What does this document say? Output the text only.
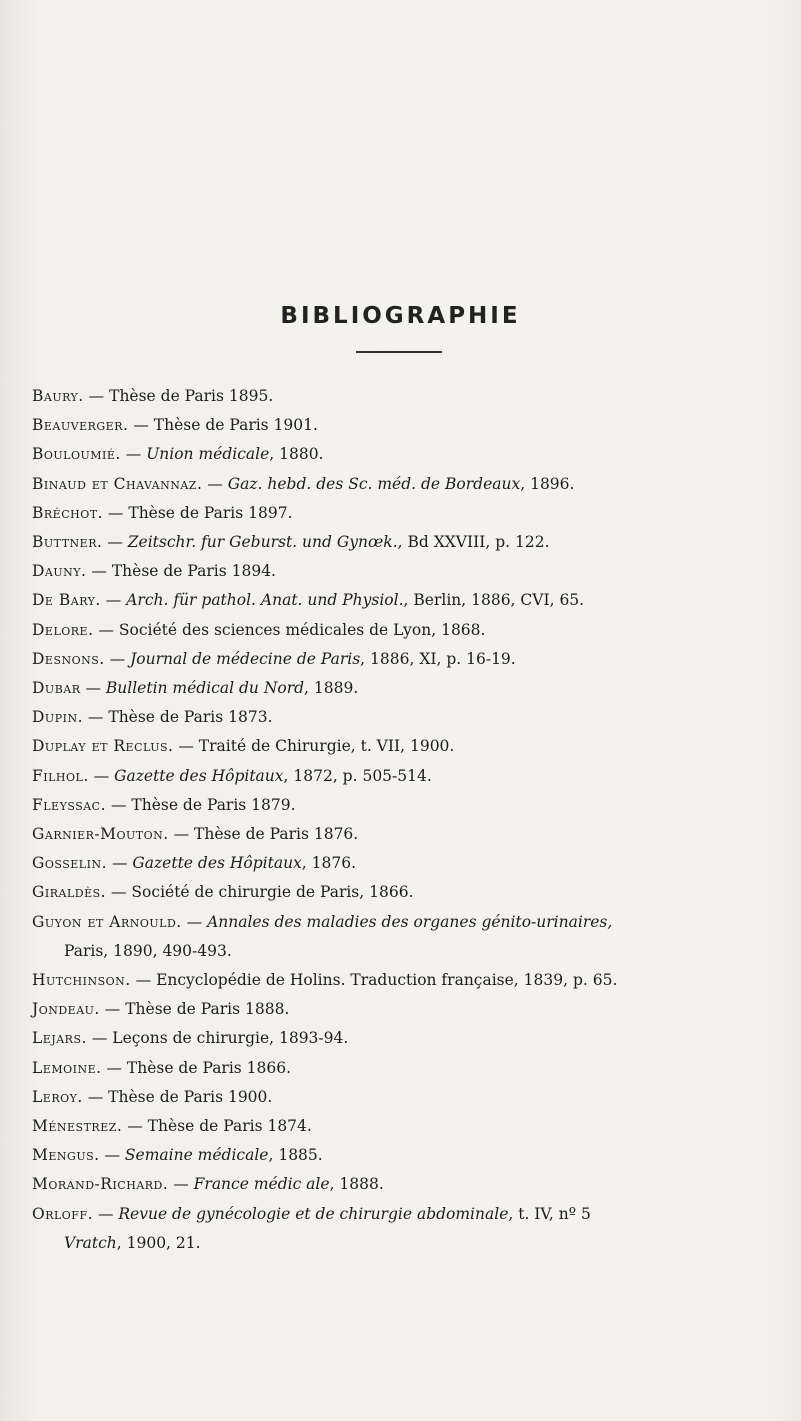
BIBLIOGRAPHIE
Baury. — Thèse de Paris 1895.
Beauverger. — Thèse de Paris 1901.
Bouloumié. — Union médicale, 1880.
Binaud et Chavannaz. — Gaz. hebd. des Sc. méd. de Bordeaux, 1896.
Bréchot. — Thèse de Paris 1897.
Buttner. — Zeitschr. fur Geburst. und Gynœk., Bd XXVIII, p. 122.
Dauny. — Thèse de Paris 1894.
De Bary. — Arch. für pathol. Anat. und Physiol., Berlin, 1886, CVI, 65.
Delore. — Société des sciences médicales de Lyon, 1868.
Desnons. — Journal de médecine de Paris, 1886, XI, p. 16-19.
Dubar — Bulletin médical du Nord, 1889.
Dupin. — Thèse de Paris 1873.
Duplay et Reclus. — Traité de Chirurgie, t. VII, 1900.
Filhol. — Gazette des Hôpitaux, 1872, p. 505-514.
Fleyssac. — Thèse de Paris 1879.
Garnier-Mouton. — Thèse de Paris 1876.
Gosselin. — Gazette des Hôpitaux, 1876.
Giraldès. — Société de chirurgie de Paris, 1866.
Guyon et Arnould. — Annales des maladies des organes génito-urinaires,
Paris, 1890, 490-493.
Hutchinson. — Encyclopédie de Holins. Traduction française, 1839, p. 65.
Jondeau. — Thèse de Paris 1888.
Lejars. — Leçons de chirurgie, 1893-94.
Lemoine. — Thèse de Paris 1866.
Leroy. — Thèse de Paris 1900.
Ménestrez. — Thèse de Paris 1874.
Mengus. — Semaine médicale, 1885.
Morand-Richard. — France médic ale, 1888.
Orloff. — Revue de gynécologie et de chirurgie abdominale, t. IV, nº 5
Vratch, 1900, 21.
